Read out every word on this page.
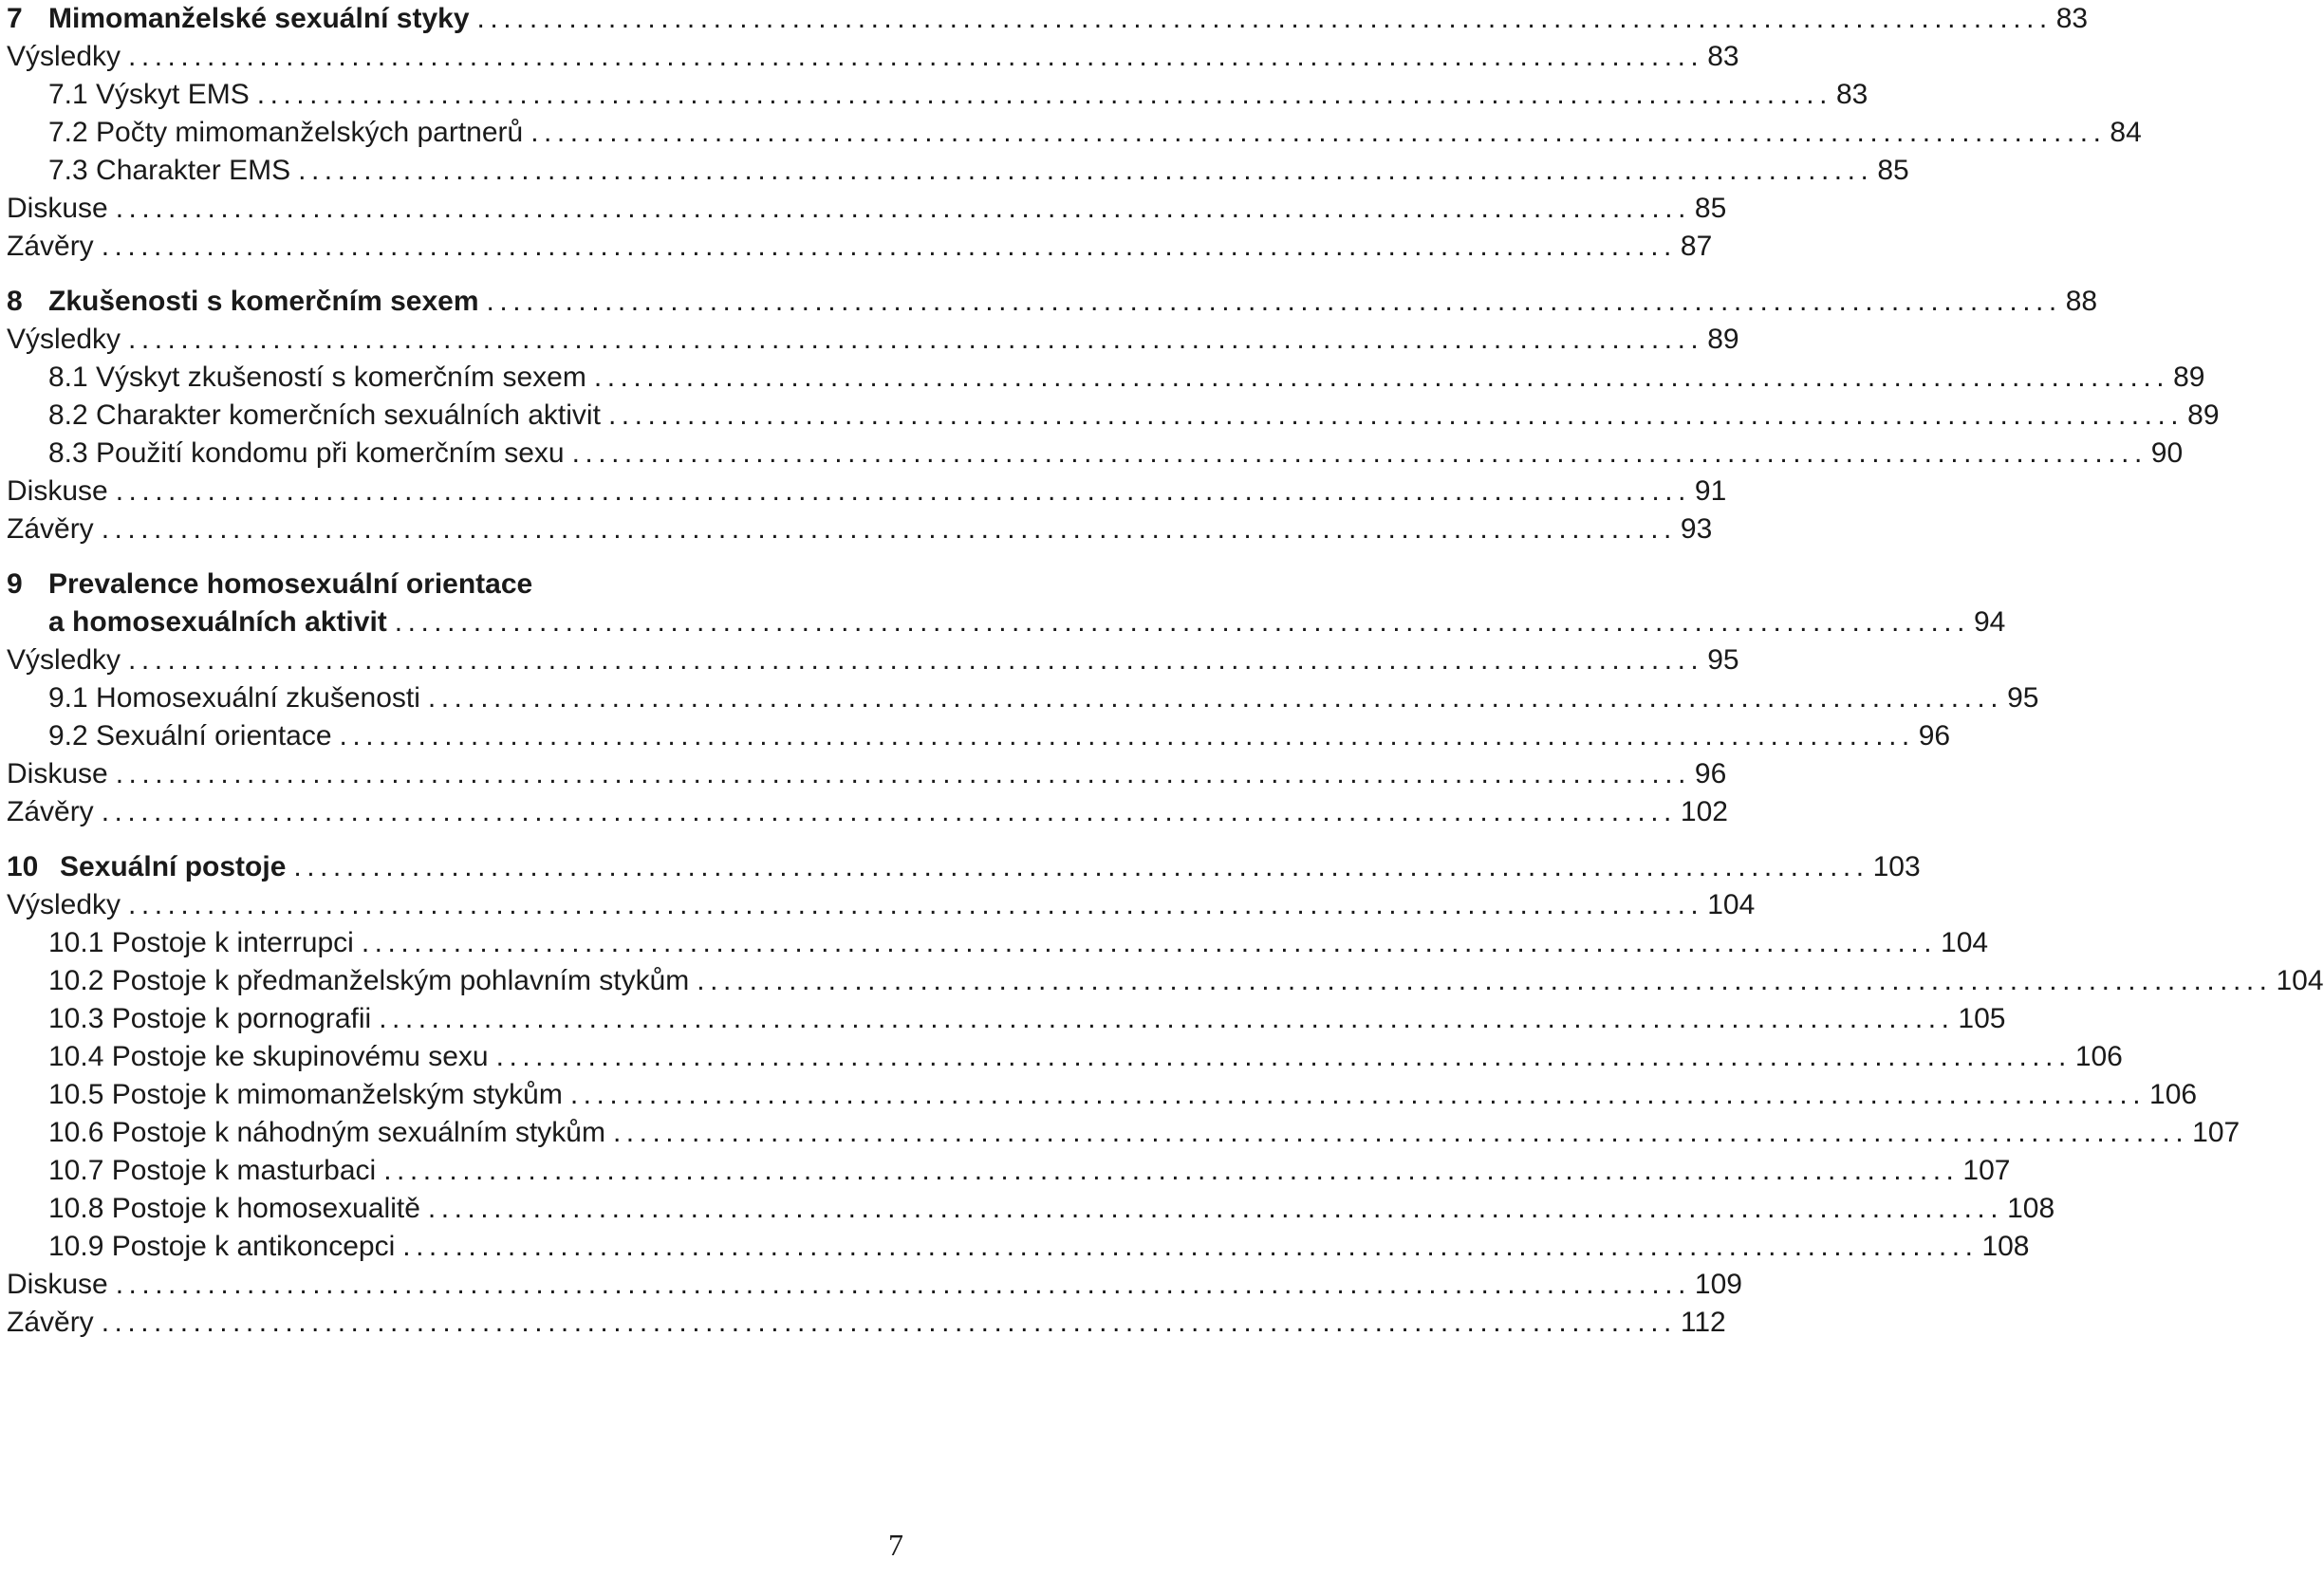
7 Mimomanželské sexuální styky ........................................................................................................................ 83
Výsledky ........................................................................................................................ 83
7.1 Výskyt EMS ........................................................................................................................ 83
7.2 Počty mimomanželských partnerů ........................................................................................................................ 84
7.3 Charakter EMS ........................................................................................................................ 85
Diskuse ........................................................................................................................ 85
Závěry ........................................................................................................................ 87
8 Zkušenosti s komerčním sexem ........................................................................................................................ 88
Výsledky ........................................................................................................................ 89
8.1 Výskyt zkušeností s komerčním sexem ........................................................................................................................ 89
8.2 Charakter komerčních sexuálních aktivit ........................................................................................................................ 89
8.3 Použití kondomu při komerčním sexu ........................................................................................................................ 90
Diskuse ........................................................................................................................ 91
Závěry ........................................................................................................................ 93
9 Prevalence homosexuální orientace
a homosexuálních aktivit ........................................................................................................................ 94
Výsledky ........................................................................................................................ 95
9.1 Homosexuální zkušenosti ........................................................................................................................ 95
9.2 Sexuální orientace ........................................................................................................................ 96
Diskuse ........................................................................................................................ 96
Závěry ........................................................................................................................ 102
10 Sexuální postoje ........................................................................................................................ 103
Výsledky ........................................................................................................................ 104
10.1 Postoje k interrupci ........................................................................................................................ 104
10.2 Postoje k předmanželským pohlavním stykům ........................................................................................................................ 104
10.3 Postoje k pornografii ........................................................................................................................ 105
10.4 Postoje ke skupinovému sexu ........................................................................................................................ 106
10.5 Postoje k mimomanželským stykům ........................................................................................................................ 106
10.6 Postoje k náhodným sexuálním stykům ........................................................................................................................ 107
10.7 Postoje k masturbaci ........................................................................................................................ 107
10.8 Postoje k homosexualitě ........................................................................................................................ 108
10.9 Postoje k antikoncepci ........................................................................................................................ 108
Diskuse ........................................................................................................................ 109
Závěry ........................................................................................................................ 112
7
